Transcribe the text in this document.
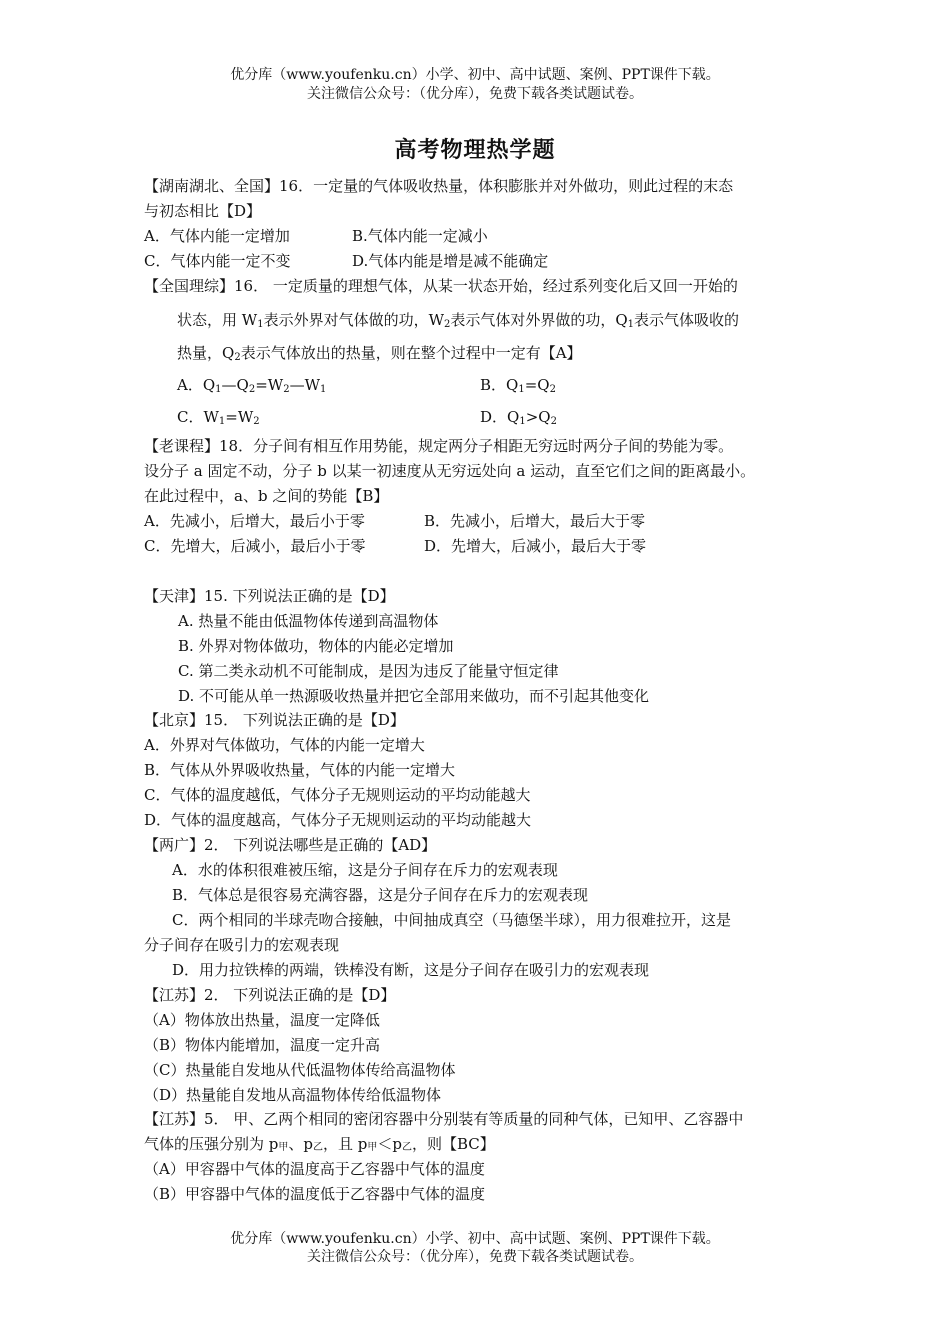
优分库（www.youfenku.cn）小学、初中、高中试题、案例、PPT课件下载。
关注微信公众号：（优分库），免费下载各类试题试卷。
高考物理热学题
【湖南湖北、全国】16．一定量的气体吸收热量，体积膨胀并对外做功，则此过程的末态
与初态相比【D】
A．气体内能一定增加	B.气体内能一定减小
C．气体内能一定不变	D.气体内能是增是减不能确定
【全国理综】16． 一定质量的理想气体，从某一状态开始，经过系列变化后又回一开始的
状态，用 $W_1$表示外界对气体做的功，$W_2$表示气体对外界做的功，$Q_1$表示气体吸收的
热量，$Q_2$表示气体放出的热量，则在整个过程中一定有【A】
A．$Q_1—Q_2=W_2—W_1$	B．$Q_1=Q_2$
C．$W_1=W_2$	D．$Q_1>Q_2$
【老课程】18．分子间有相互作用势能，规定两分子相距无穷远时两分子间的势能为零。
设分子 a 固定不动，分子 b 以某一初速度从无穷远处向 a 运动，直至它们之间的距离最小。
在此过程中，a、b 之间的势能【B】
A．先减小，后增大，最后小于零	B．先减小，后增大，最后大于零
C．先增大，后减小，最后小于零	D．先增大，后减小，最后大于零
【天津】15. 下列说法正确的是【D】
A. 热量不能由低温物体传递到高温物体
B. 外界对物体做功，物体的内能必定增加
C. 第二类永动机不可能制成，是因为违反了能量守恒定律
D. 不可能从单一热源吸收热量并把它全部用来做功，而不引起其他变化
【北京】15． 下列说法正确的是【D】
A．外界对气体做功，气体的内能一定增大
B．气体从外界吸收热量，气体的内能一定增大
C．气体的温度越低，气体分子无规则运动的平均动能越大
D．气体的温度越高，气体分子无规则运动的平均动能越大
【两广】2． 下列说法哪些是正确的【AD】
A．水的体积很难被压缩，这是分子间存在斥力的宏观表现
B．气体总是很容易充满容器，这是分子间存在斥力的宏观表现
C．两个相同的半球壳吻合接触，中间抽成真空（马德堡半球），用力很难拉开，这是
分子间存在吸引力的宏观表现
D．用力拉铁棒的两端，铁棒没有断，这是分子间存在吸引力的宏观表现
【江苏】2． 下列说法正确的是【D】
（A）物体放出热量，温度一定降低
（B）物体内能增加，温度一定升高
（C）热量能自发地从代低温物体传给高温物体
（D）热量能自发地从高温物体传给低温物体
【江苏】5． 甲、乙两个相同的密闭容器中分别装有等质量的同种气体，已知甲、乙容器中
气体的压强分别为 p甲、p乙，且 p甲＜p乙，则【BC】
（A）甲容器中气体的温度高于乙容器中气体的温度
（B）甲容器中气体的温度低于乙容器中气体的温度
优分库（www.youfenku.cn）小学、初中、高中试题、案例、PPT课件下载。
关注微信公众号：（优分库），免费下载各类试题试卷。
